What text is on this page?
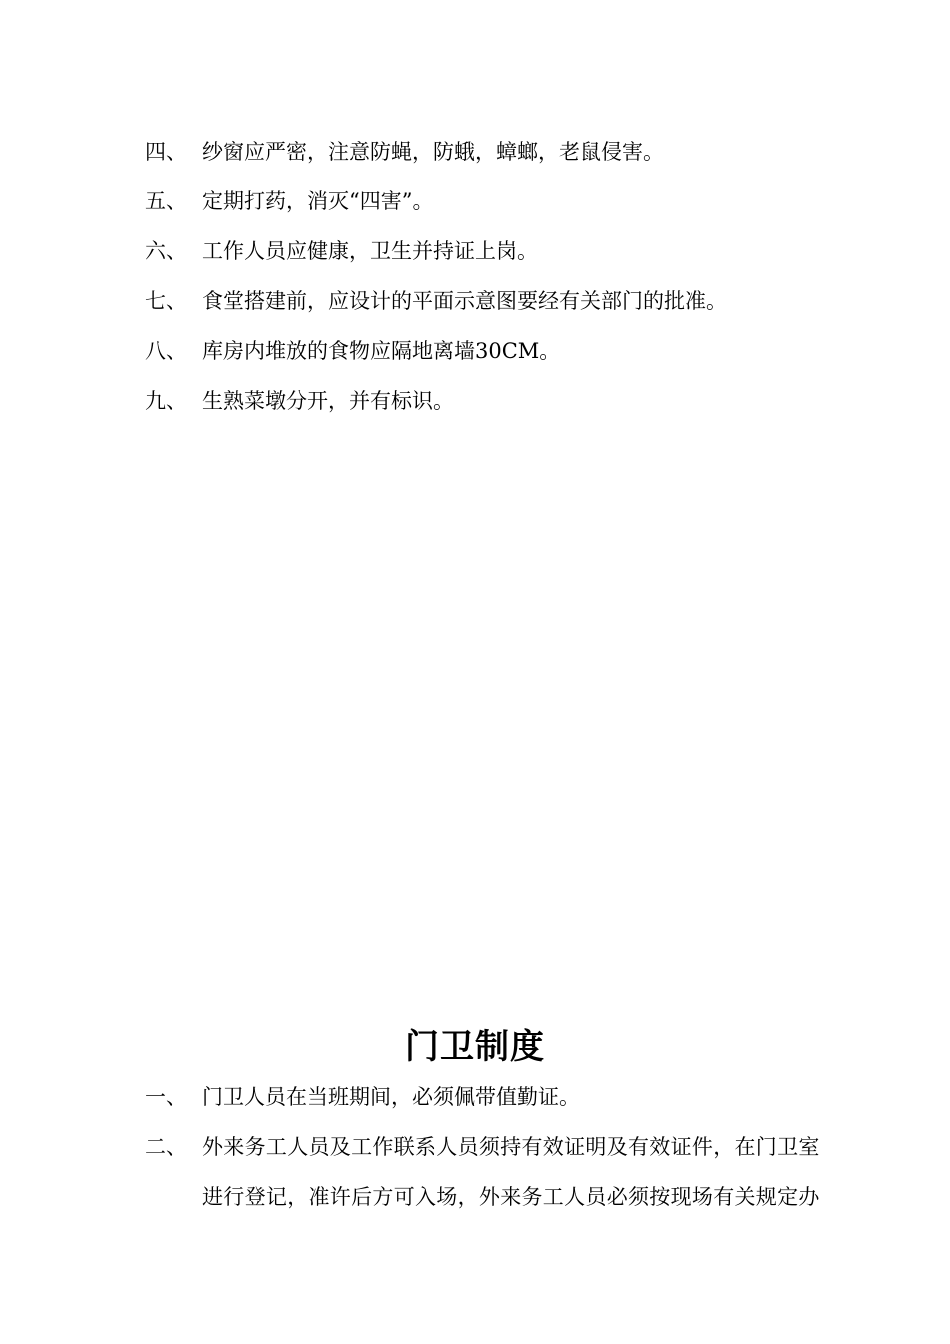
四、 纱窗应严密，注意防蝇，防蛾，蟑螂，老鼠侵害。
五、 定期打药，消灭“四害”。
六、 工作人员应健康，卫生并持证上岗。
七、 食堂搭建前，应设计的平面示意图要经有关部门的批准。
八、 库房内堆放的食物应隔地离墙30CM。
九、 生熟菜墩分开，并有标识。
门卫制度
一、 门卫人员在当班期间，必须佩带值勤证。
二、 外来务工人员及工作联系人员须持有效证明及有效证件，在门卫室
进行登记，准许后方可入场，外来务工人员必须按现场有关规定办
